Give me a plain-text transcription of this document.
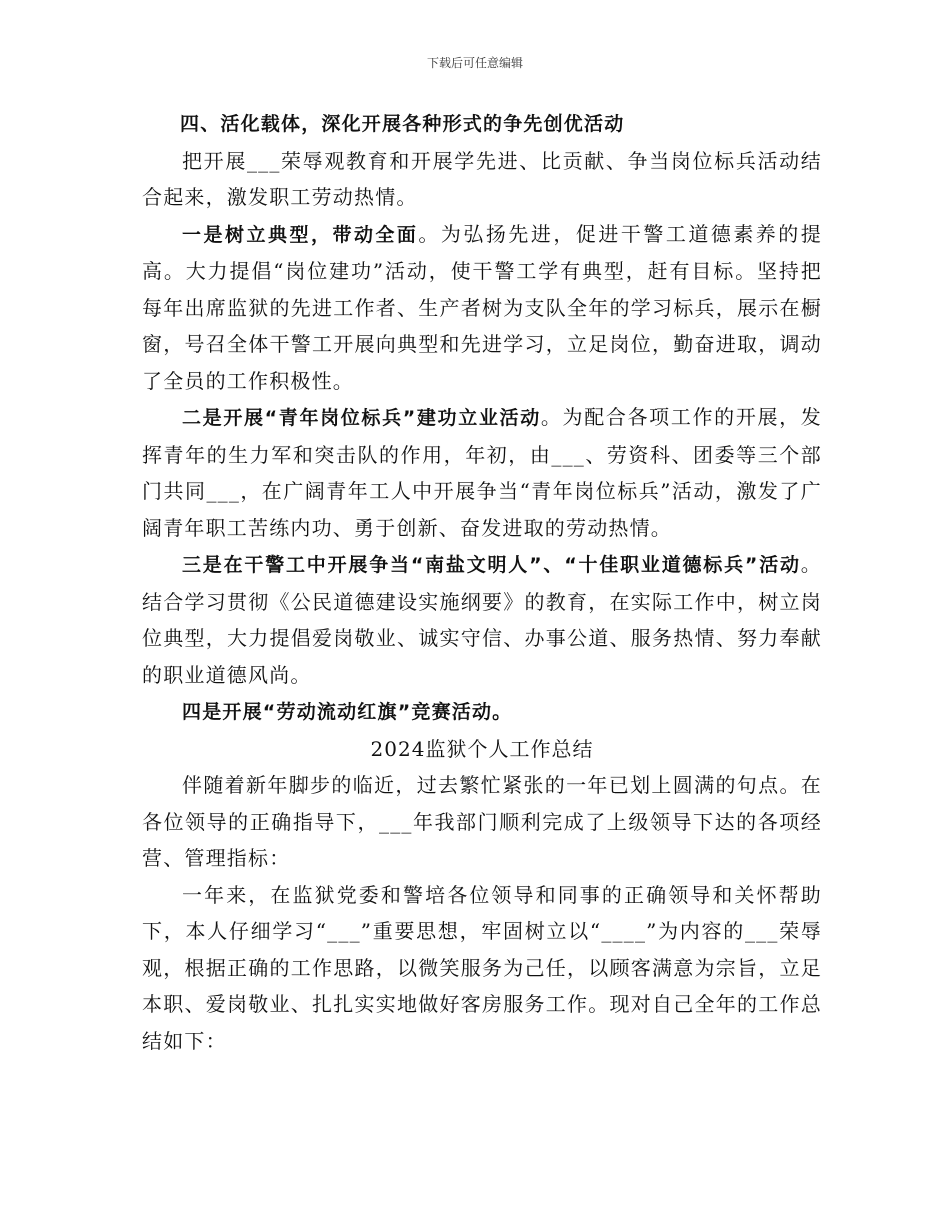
下载后可任意编辑

四、活化载体，深化开展各种形式的争先创优活动

把开展___荣辱观教育和开展学先进、比贡献、争当岗位标兵活动结合起来，激发职工劳动热情。

一是树立典型，带动全面。为弘扬先进，促进干警工道德素养的提高。大力提倡“岗位建功”活动，使干警工学有典型，赶有目标。坚持把每年出席监狱的先进工作者、生产者树为支队全年的学习标兵，展示在橱窗，号召全体干警工开展向典型和先进学习，立足岗位，勤奋进取，调动了全员的工作积极性。

二是开展“青年岗位标兵”建功立业活动。为配合各项工作的开展，发挥青年的生力军和突击队的作用，年初，由___、劳资科、团委等三个部门共同___，在广阔青年工人中开展争当“青年岗位标兵”活动，激发了广阔青年职工苦练内功、勇于创新、奋发进取的劳动热情。

三是在干警工中开展争当“南盐文明人”、“十佳职业道德标兵”活动。结合学习贯彻《公民道德建设实施纲要》的教育，在实际工作中，树立岗位典型，大力提倡爱岗敬业、诚实守信、办事公道、服务热情、努力奉献的职业道德风尚。

四是开展“劳动流动红旗”竞赛活动。

2024监狱个人工作总结

伴随着新年脚步的临近，过去繁忙紧张的一年已划上圆满的句点。在各位领导的正确指导下，___年我部门顺利完成了上级领导下达的各项经营、管理指标：

一年来，在监狱党委和警培各位领导和同事的正确领导和关怀帮助下，本人仔细学习“___”重要思想，牢固树立以“____”为内容的___荣辱观，根据正确的工作思路，以微笑服务为己任，以顾客满意为宗旨，立足本职、爱岗敬业、扎扎实实地做好客房服务工作。现对自己全年的工作总结如下：
